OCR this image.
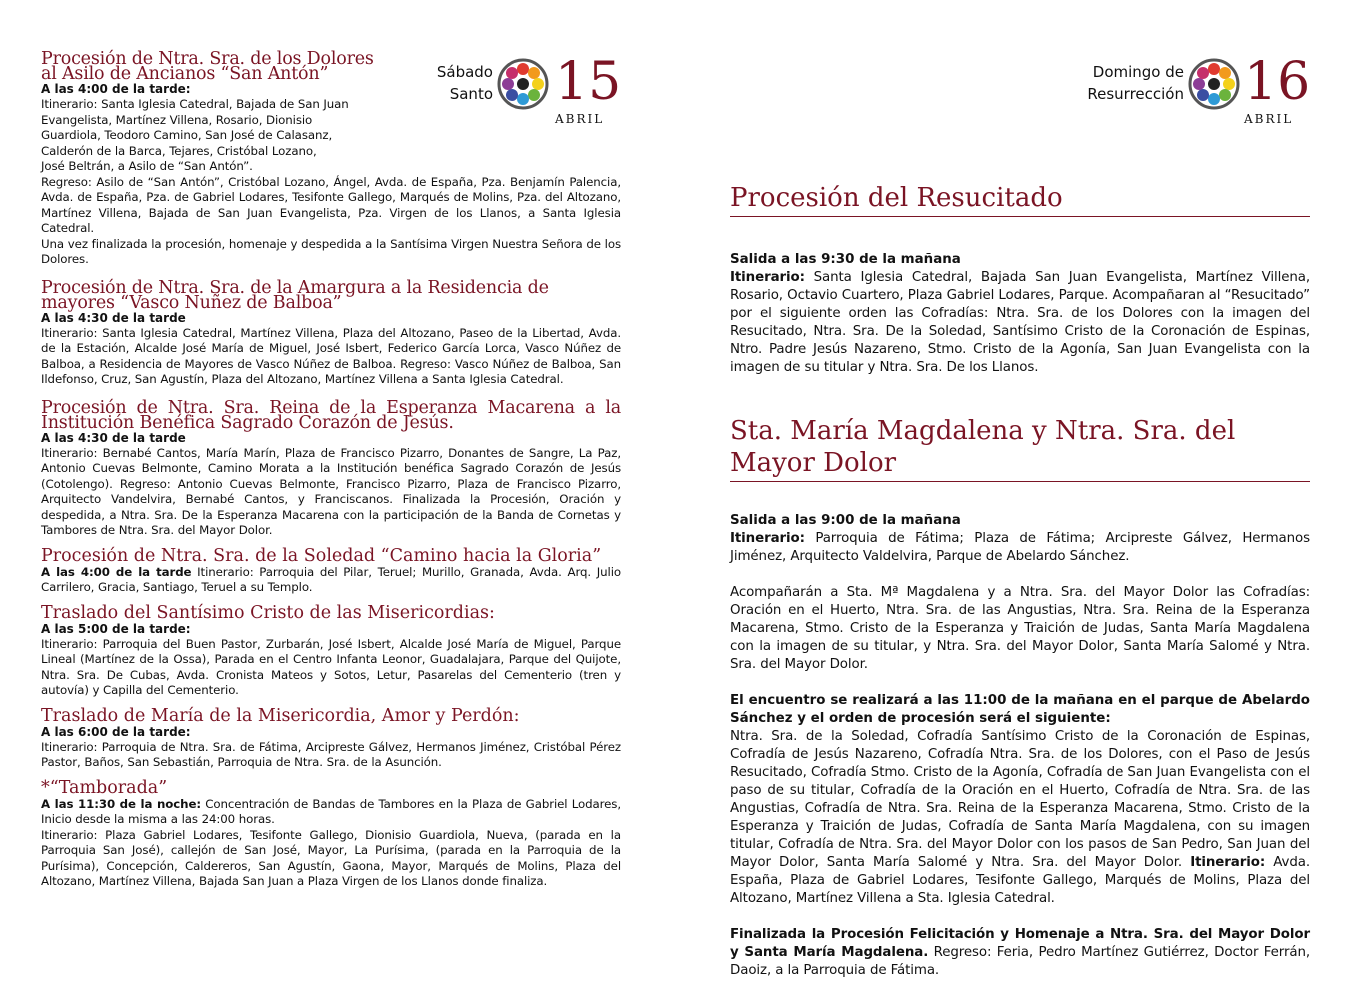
Sábado
Santo 15
ABRIL

Procesión de Ntra. Sra. de los Dolores

al Asilo de Ancianos “San Antón”

A las 4:00 de la tarde:

Itinerario: Santa Iglesia Catedral, Bajada de San Juan

Evangelista, Martínez Villena, Rosario, Dionisio

Guardiola, Teodoro Camino, San José de Calasanz,

Calderón de la Barca, Tejares, Cristóbal Lozano,

José Beltrán, a Asilo de “San Antón”.

Regreso: Asilo de “San Antón”, Cristóbal Lozano, Ángel, Avda. de España, Pza. Benjamín Palencia, Avda. de España, Pza. de Gabriel Lodares, Tesifonte Gallego, Marqués de Molins, Pza. del Altozano, Martínez Villena, Bajada de San Juan Evangelista, Pza. Virgen de los Llanos, a Santa Iglesia Catedral.

Una vez finalizada la procesión, homenaje y despedida a la Santísima Virgen Nuestra Señora de los Dolores.

Procesión de Ntra. Sra. de la Amargura a la Residencia de mayores “Vasco Nuñez de Balboa”

A las 4:30 de la tarde

Itinerario: Santa Iglesia Catedral, Martínez Villena, Plaza del Altozano, Paseo de la Libertad, Avda. de la Estación, Alcalde José María de Miguel, José Isbert, Federico García Lorca, Vasco Núñez de Balboa, a Residencia de Mayores de Vasco Núñez de Balboa. Regreso: Vasco Núñez de Balboa, San Ildefonso, Cruz, San Agustín, Plaza del Altozano, Martínez Villena a Santa Iglesia Catedral.

Procesión de Ntra. Sra. Reina de la Esperanza Macarena a la Institución Benéfica Sagrado Corazón de Jesús.

A las 4:30 de la tarde

Itinerario: Bernabé Cantos, María Marín, Plaza de Francisco Pizarro, Donantes de Sangre, La Paz, Antonio Cuevas Belmonte, Camino Morata a la Institución benéfica Sagrado Corazón de Jesús (Cotolengo). Regreso: Antonio Cuevas Belmonte, Francisco Pizarro, Plaza de Francisco Pizarro, Arquitecto Vandelvira, Bernabé Cantos, y Franciscanos. Finalizada la Procesión, Oración y despedida, a Ntra. Sra. De la Esperanza Macarena con la participación de la Banda de Cornetas y Tambores de Ntra. Sra. del Mayor Dolor.

Procesión de Ntra. Sra. de la Soledad “Camino hacia la Gloria”

A las 4:00 de la tarde Itinerario: Parroquia del Pilar, Teruel; Murillo, Granada, Avda. Arq. Julio Carrilero, Gracia, Santiago, Teruel a su Templo.

Traslado del Santísimo Cristo de las Misericordias:

A las 5:00 de la tarde:

Itinerario: Parroquia del Buen Pastor, Zurbarán, José Isbert, Alcalde José María de Miguel, Parque Lineal (Martínez de la Ossa), Parada en el Centro Infanta Leonor, Guadalajara, Parque del Quijote, Ntra. Sra. De Cubas, Avda. Cronista Mateos y Sotos, Letur, Pasarelas del Cementerio (tren y autovía) y Capilla del Cementerio.

Traslado de María de la Misericordia, Amor y Perdón:

A las 6:00 de la tarde:

Itinerario: Parroquia de Ntra. Sra. de Fátima, Arcipreste Gálvez, Hermanos Jiménez, Cristóbal Pérez Pastor, Baños, San Sebastián, Parroquia de Ntra. Sra. de la Asunción.

*“Tamborada”

A las 11:30 de la noche: Concentración de Bandas de Tambores en la Plaza de Gabriel Lodares, Inicio desde la misma a las 24:00 horas.

Itinerario: Plaza Gabriel Lodares, Tesifonte Gallego, Dionisio Guardiola, Nueva, (parada en la Parroquia San José), callejón de San José, Mayor, La Purísima, (parada en la Parroquia de la Purísima), Concepción, Caldereros, San Agustín, Gaona, Mayor, Marqués de Molins, Plaza del Altozano, Martínez Villena, Bajada San Juan a Plaza Virgen de los Llanos donde finaliza.

Domingo de
Resurrección 16
ABRIL

Procesión del Resucitado

Salida a las 9:30 de la mañana

Itinerario: Santa Iglesia Catedral, Bajada San Juan Evangelista, Martínez Villena, Rosario, Octavio Cuartero, Plaza Gabriel Lodares, Parque. Acompañaran al “Resucitado” por el siguiente orden las Cofradías: Ntra. Sra. de los Dolores con la imagen del Resucitado, Ntra. Sra. De la Soledad, Santísimo Cristo de la Coronación de Espinas, Ntro. Padre Jesús Nazareno, Stmo. Cristo de la Agonía, San Juan Evangelista con la imagen de su titular y Ntra. Sra. De los Llanos.

Sta. María Magdalena y Ntra. Sra. del Mayor Dolor

Salida a las 9:00 de la mañana

Itinerario: Parroquia de Fátima; Plaza de Fátima; Arcipreste Gálvez, Hermanos Jiménez, Arquitecto Valdelvira, Parque de Abelardo Sánchez.

Acompañarán a Sta. Mª Magdalena y a Ntra. Sra. del Mayor Dolor las Cofradías: Oración en el Huerto, Ntra. Sra. de las Angustias, Ntra. Sra. Reina de la Esperanza Macarena, Stmo. Cristo de la Esperanza y Traición de Judas, Santa María Magdalena con la imagen de su titular, y Ntra. Sra. del Mayor Dolor, Santa María Salomé y Ntra. Sra. del Mayor Dolor.

El encuentro se realizará a las 11:00 de la mañana en el parque de Abelardo Sánchez y el orden de procesión será el siguiente:

Ntra. Sra. de la Soledad, Cofradía Santísimo Cristo de la Coronación de Espinas, Cofradía de Jesús Nazareno, Cofradía Ntra. Sra. de los Dolores, con el Paso de Jesús Resucitado, Cofradía Stmo. Cristo de la Agonía, Cofradía de San Juan Evangelista con el paso de su titular, Cofradía de la Oración en el Huerto, Cofradía de Ntra. Sra. de las Angustias, Cofradía de Ntra. Sra. Reina de la Esperanza Macarena, Stmo. Cristo de la Esperanza y Traición de Judas, Cofradía de Santa María Magdalena, con su imagen titular, Cofradía de Ntra. Sra. del Mayor Dolor con los pasos de San Pedro, San Juan del Mayor Dolor, Santa María Salomé y Ntra. Sra. del Mayor Dolor. Itinerario: Avda. España, Plaza de Gabriel Lodares, Tesifonte Gallego, Marqués de Molins, Plaza del Altozano, Martínez Villena a Sta. Iglesia Catedral.

Finalizada la Procesión Felicitación y Homenaje a Ntra. Sra. del Mayor Dolor y Santa María Magdalena. Regreso: Feria, Pedro Martínez Gutiérrez, Doctor Ferrán, Daoiz, a la Parroquia de Fátima.
